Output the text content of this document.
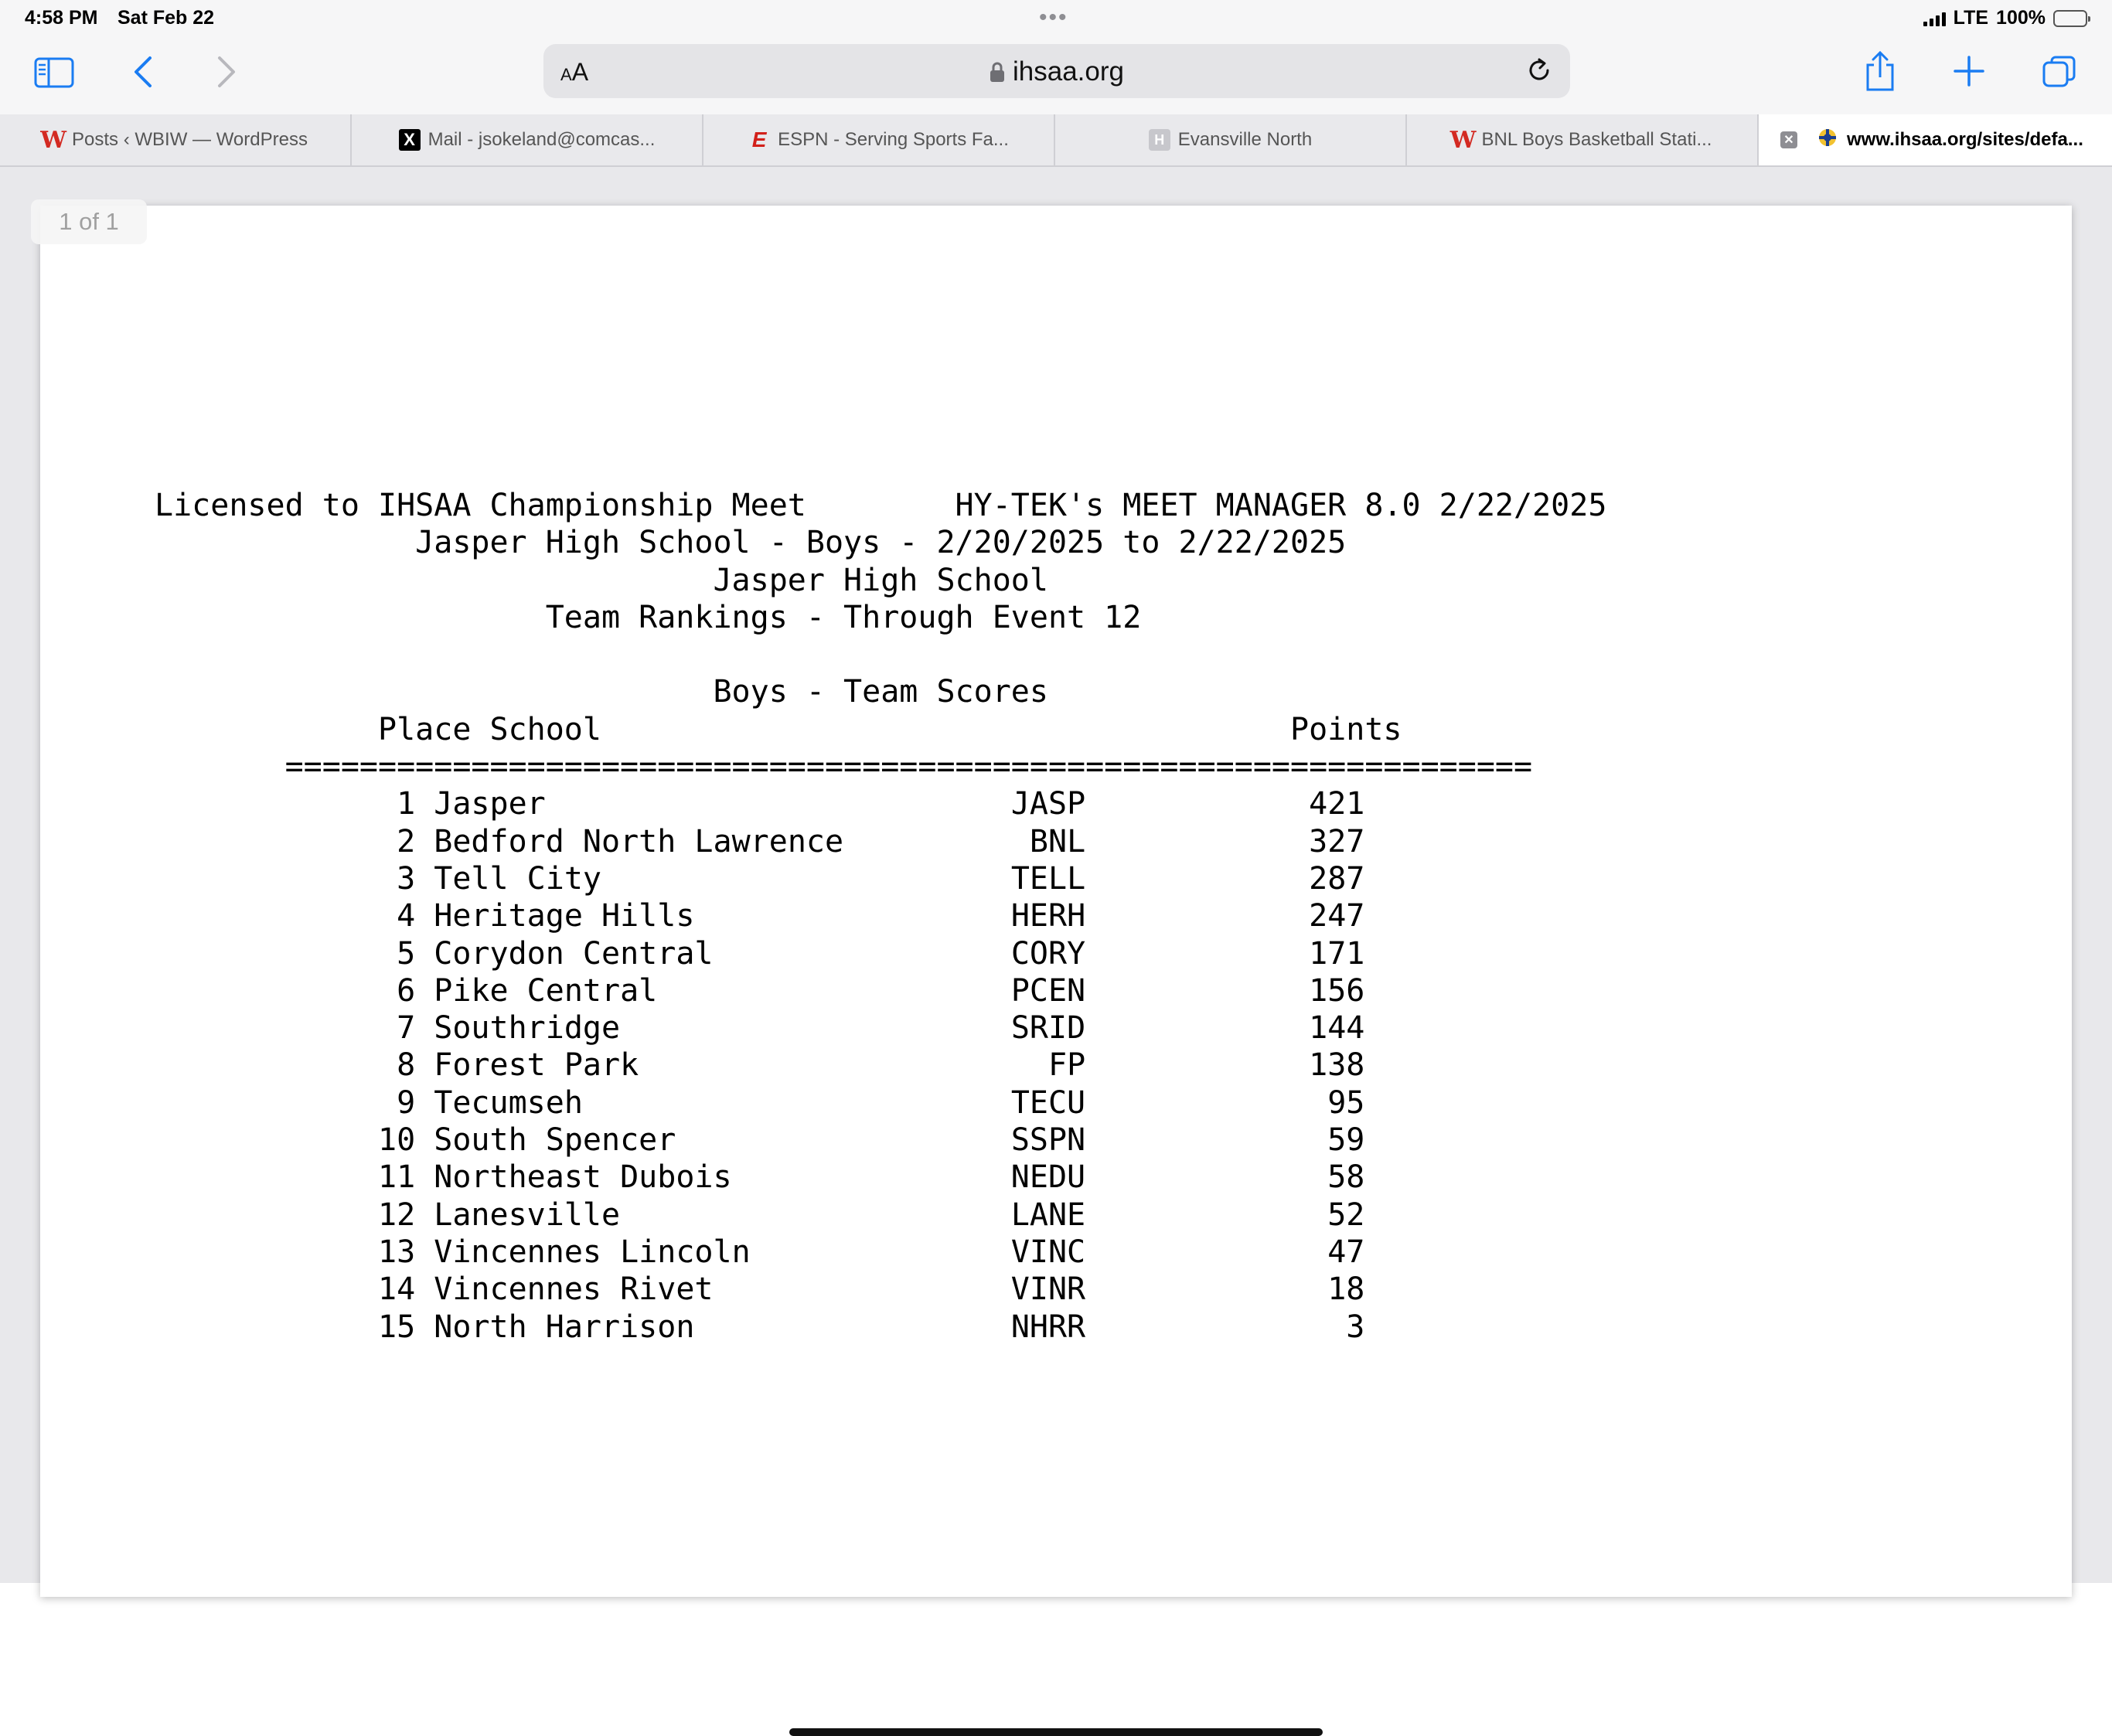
4:58 PM Sat Feb 22	•••	LTE 100%
AA	ihsaa.org
W Posts ‹ WBIW — WordPress	X Mail - jsokeland@comcas...	E ESPN - Serving Sports Fa...	H Evansville North	W BNL Boys Basketball Stati...	✕	www.ihsaa.org/sites/defa...
1 of 1
Licensed to IHSAA Championship Meet        HY-TEK's MEET MANAGER 8.0 2/22/2025
Jasper High School - Boys - 2/20/2025 to 2/22/2025
Jasper High School
Team Rankings - Through Event 12

Boys - Team Scores
Place School                                     Points
===================================================================
1 Jasper	JASP	421
2 Bedford North Lawrence	BNL	327
3 Tell City	TELL	287
4 Heritage Hills	HERH	247
5 Corydon Central	CORY	171
6 Pike Central	PCEN	156
7 Southridge	SRID	144
8 Forest Park	FP	138
9 Tecumseh	TECU	95
10 South Spencer	SSPN	59
11 Northeast Dubois	NEDU	58
12 Lanesville	LANE	52
13 Vincennes Lincoln	VINC	47
14 Vincennes Rivet	VINR	18
15 North Harrison	NHRR	3
